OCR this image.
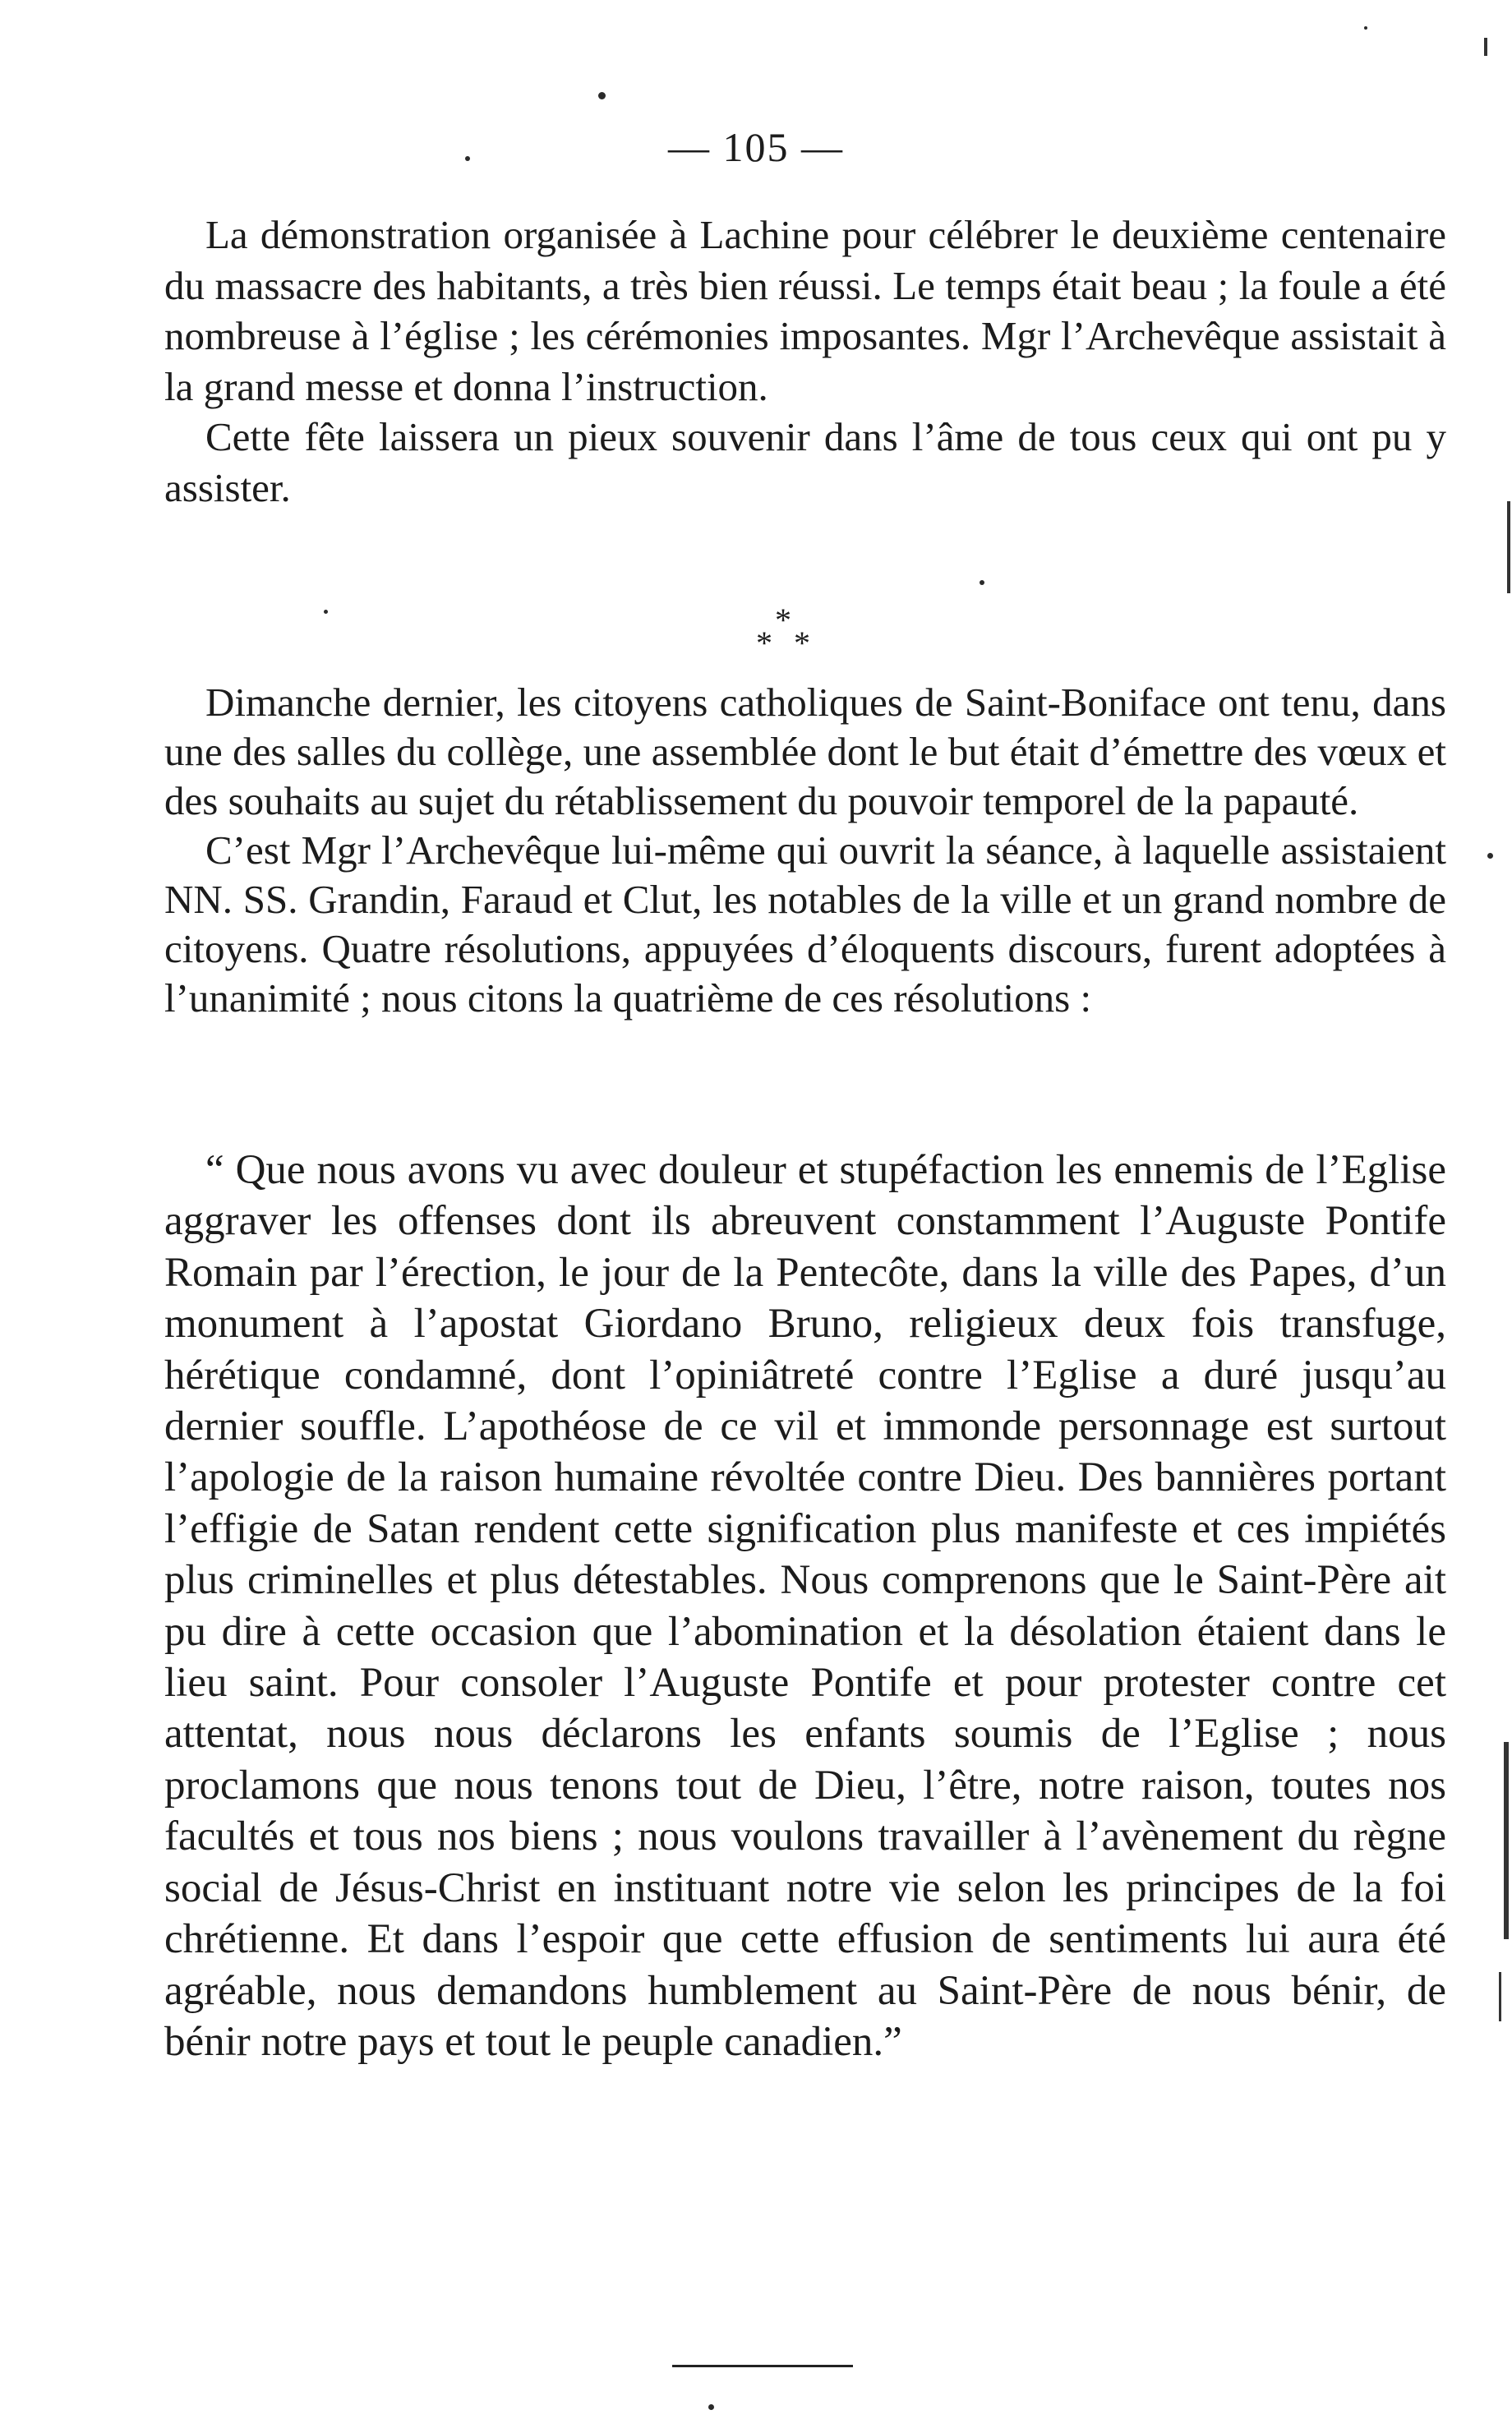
— 105 —

La démonstration organisée à Lachine pour célébrer le deuxième centenaire du massacre des habitants, a très bien réussi. Le temps était beau ; la foule a été nombreuse à l’église ; les cérémonies imposantes. Mgr l’Archevêque assistait à la grand messe et donna l’instruction.

Cette fête laissera un pieux souvenir dans l’âme de tous ceux qui ont pu y assister.

*
* *

Dimanche dernier, les citoyens catholiques de Saint-Boniface ont tenu, dans une des salles du collège, une assemblée dont le but était d’émettre des vœux et des souhaits au sujet du rétablissement du pouvoir temporel de la papauté.

C’est Mgr l’Archevêque lui-même qui ouvrit la séance, à laquelle assistaient NN. SS. Grandin, Faraud et Clut, les notables de la ville et un grand nombre de citoyens. Quatre résolutions, appuyées d’éloquents discours, furent adoptées à l’unanimité ; nous citons la quatrième de ces résolutions :

“ Que nous avons vu avec douleur et stupéfaction les ennemis de l’Eglise aggraver les offenses dont ils abreuvent constamment l’Auguste Pontife Romain par l’érection, le jour de la Pentecôte, dans la ville des Papes, d’un monument à l’apostat Giordano Bruno, religieux deux fois transfuge, hérétique condamné, dont l’opiniâtreté contre l’Eglise a duré jusqu’au dernier souffle. L’apothéose de ce vil et immonde personnage est surtout l’apologie de la raison humaine révoltée contre Dieu. Des bannières portant l’effigie de Satan rendent cette signification plus manifeste et ces impiétés plus criminelles et plus détestables. Nous comprenons que le Saint-Père ait pu dire à cette occasion que l’abomination et la désolation étaient dans le lieu saint. Pour consoler l’Auguste Pontife et pour protester contre cet attentat, nous nous déclarons les enfants soumis de l’Eglise ; nous proclamons que nous tenons tout de Dieu, l’être, notre raison, toutes nos facultés et tous nos biens ; nous voulons travailler à l’avènement du règne social de Jésus-Christ en instituant notre vie selon les principes de la foi chrétienne. Et dans l’espoir que cette effusion de sentiments lui aura été agréable, nous demandons humblement au Saint-Père de nous bénir, de bénir notre pays et tout le peuple canadien.”
